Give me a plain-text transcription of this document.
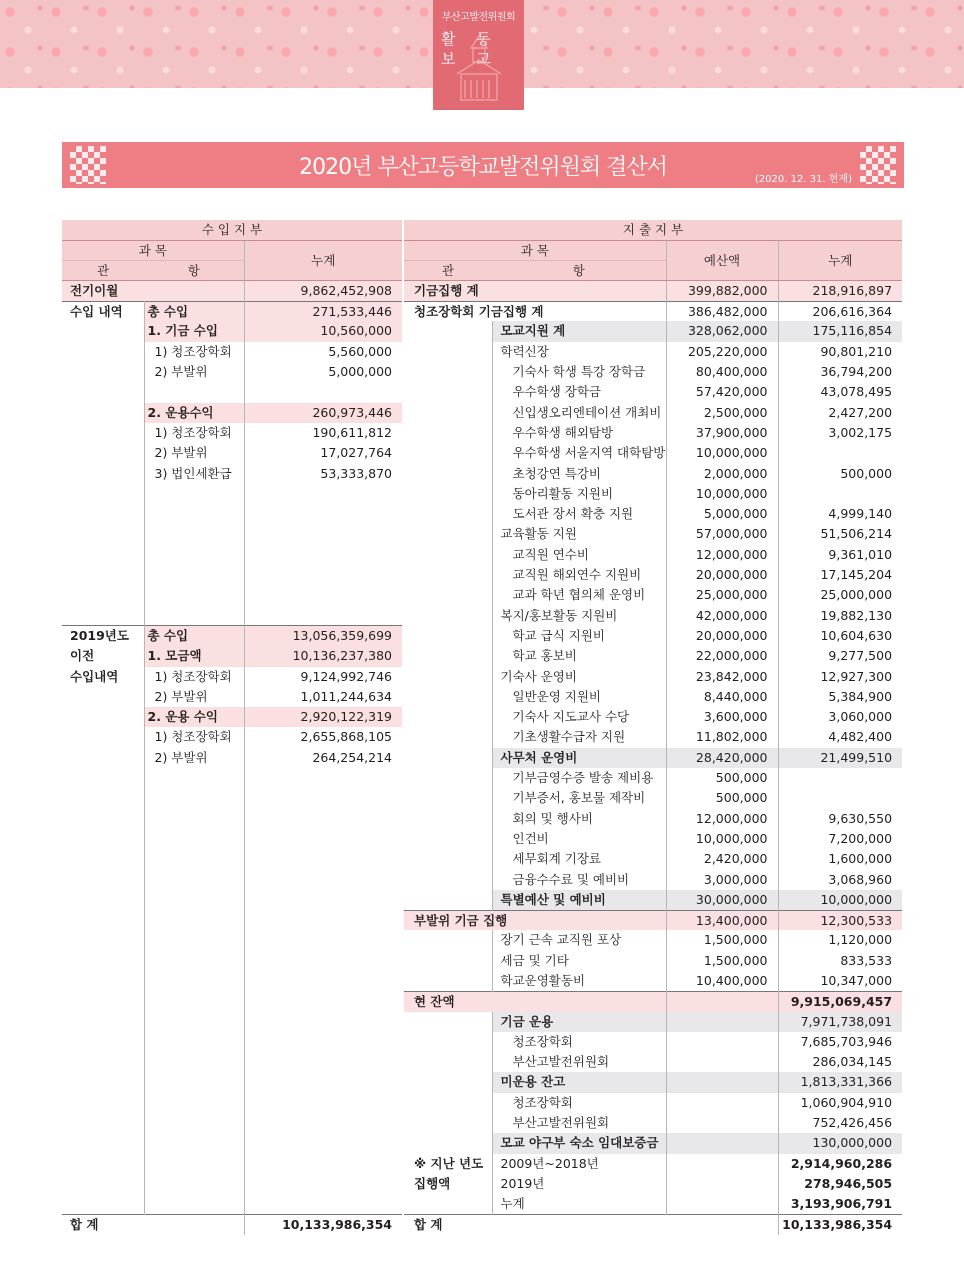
부산고발전위원회
활 동 보 고
2020년 부산고등학교발전위원회 결산서	(2020. 12. 31. 현재)
수 입 지 부		
과 목		누계
관	항	
전기이월		9,862,452,908
수입 내역	총 수입	271,533,446
	1. 기금 수입	10,560,000
	1) 청조장학회	5,560,000
	2) 부발위	5,000,000

	2. 운용수익	260,973,446
	1) 청조장학회	190,611,812
	2) 부발위	17,027,764
	3) 법인세환급	53,333,870

2019년도	총 수입	13,056,359,699
이전	1. 모금액	10,136,237,380
수입내역	1) 청조장학회	9,124,992,746
	2) 부발위	1,011,244,634
	2. 운용 수익	2,920,122,319
	1) 청조장학회	2,655,868,105
	2) 부발위	264,254,214

합 계		10,133,986,354
지 출 지 부			
과 목		예산액	누계
관	항		
기금집행 계		399,882,000	218,916,897
청조장학회 기금집행 계		386,482,000	206,616,364
	모교지원 계	328,062,000	175,116,854
	학력신장	205,220,000	90,801,210
	기숙사 학생 특강 장학금	80,400,000	36,794,200
	우수학생 장학금	57,420,000	43,078,495
	신입생오리엔테이션 개최비	2,500,000	2,427,200
	우수학생 해외탐방	37,900,000	3,002,175
	우수학생 서울지역 대학탐방	10,000,000	
	초청강연 특강비	2,000,000	500,000
	동아리활동 지원비	10,000,000	
	도서관 장서 확충 지원	5,000,000	4,999,140
	교육활동 지원	57,000,000	51,506,214
	교직원 연수비	12,000,000	9,361,010
	교직원 해외연수 지원비	20,000,000	17,145,204
	교과 학년 협의체 운영비	25,000,000	25,000,000
	복지/홍보활동 지원비	42,000,000	19,882,130
	학교 급식 지원비	20,000,000	10,604,630
	학교 홍보비	22,000,000	9,277,500
	기숙사 운영비	23,842,000	12,927,300
	일반운영 지원비	8,440,000	5,384,900
	기숙사 지도교사 수당	3,600,000	3,060,000
	기초생활수급자 지원	11,802,000	4,482,400
	사무처 운영비	28,420,000	21,499,510
	기부금영수증 발송 제비용	500,000	
	기부증서, 홍보물 제작비	500,000	
	회의 및 행사비	12,000,000	9,630,550
	인건비	10,000,000	7,200,000
	세무회계 기장료	2,420,000	1,600,000
	금융수수료 및 예비비	3,000,000	3,068,960
	특별예산 및 예비비	30,000,000	10,000,000
부발위 기금 집행		13,400,000	12,300,533
	장기 근속 교직원 포상	1,500,000	1,120,000
	세금 및 기타	1,500,000	833,533
	학교운영활동비	10,400,000	10,347,000
현 잔액			9,915,069,457
	기금 운용		7,971,738,091
	청조장학회		7,685,703,946
	부산고발전위원회		286,034,145
	미운용 잔고		1,813,331,366
	청조장학회		1,060,904,910
	부산고발전위원회		752,426,456
	모교 야구부 숙소 임대보증금		130,000,000
※ 지난 년도	2009년~2018년		2,914,960,286
집행액	2019년		278,946,505
	누계		3,193,906,791
합 계			10,133,986,354
